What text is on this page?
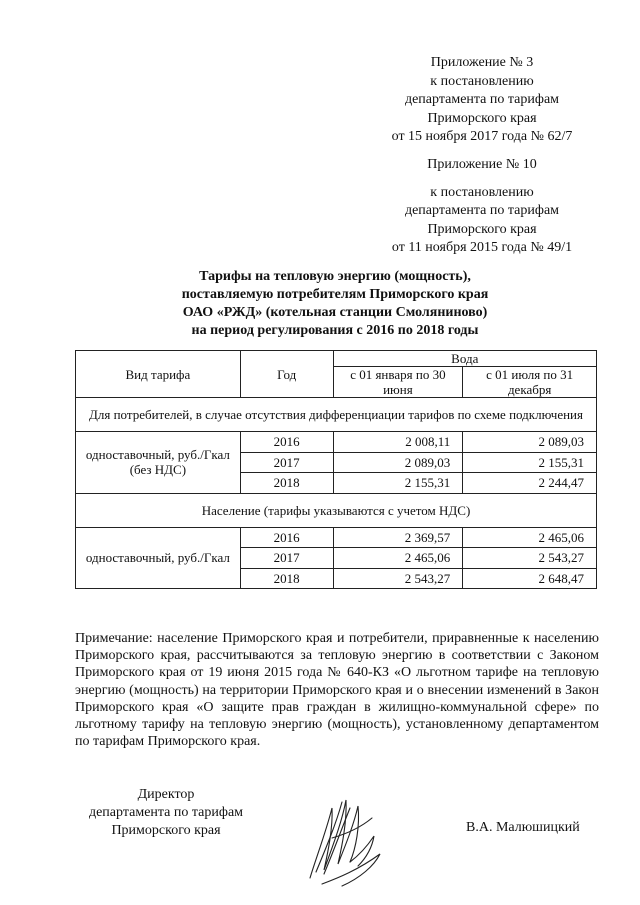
Приложение № 3
к постановлению
департамента по тарифам
Приморского края
от 15 ноября 2017 года № 62/7
Приложение № 10
к постановлению
департамента по тарифам
Приморского края
от 11 ноября 2015 года № 49/1
Тарифы на тепловую энергию (мощность),
поставляемую потребителям Приморского края
ОАО «РЖД» (котельная станции Смоляниново)
на период регулирования с 2016 по 2018 годы
Вид тарифа	Год	Вода	
		с 01 января по 30 июня	с 01 июля по 31 декабря
Для потребителей, в случае отсутствия дифференциации тарифов по схеме подключения			
одноставочный, руб./Гкал (без НДС)	2016	2 008,11	2 089,03
	2017	2 089,03	2 155,31
	2018	2 155,31	2 244,47
Население (тарифы указываются с учетом НДС)			
одноставочный, руб./Гкал	2016	2 369,57	2 465,06
	2017	2 465,06	2 543,27
	2018	2 543,27	2 648,47
Примечание: население Приморского края и потребители, приравненные к населению Приморского края, рассчитываются за тепловую энергию в соответствии с Законом Приморского края от 19 июня 2015 года № 640-КЗ «О льготном тарифе на тепловую энергию (мощность) на территории Приморского края и о внесении изменений в Закон Приморского края «О защите прав граждан в жилищно-коммунальной сфере» по льготному тарифу на тепловую энергию (мощность), установленному департаментом по тарифам Приморского края.
Директор
департамента по тарифам
Приморского края	В.А. Малюшицкий
